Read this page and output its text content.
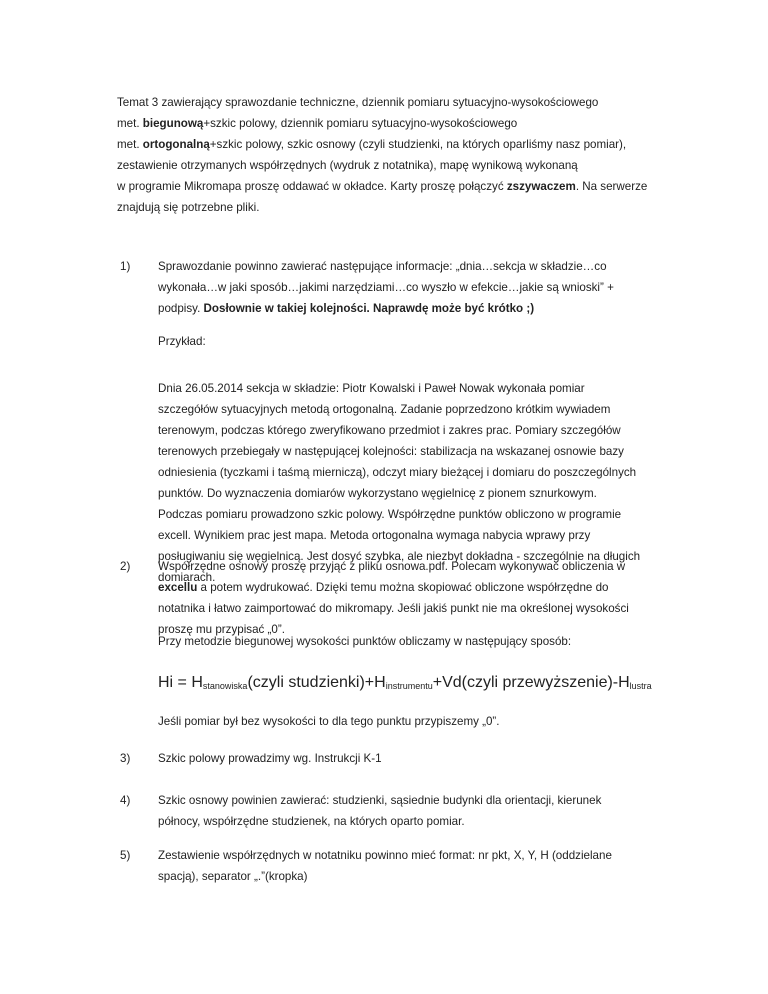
Temat 3 zawierający sprawozdanie techniczne, dziennik pomiaru sytuacyjno-wysokościowego
met. biegunową+szkic polowy, dziennik pomiaru sytuacyjno-wysokościowego
met. ortogonalną+szkic polowy, szkic osnowy (czyli studzienki, na których oparliśmy nasz pomiar),
zestawienie otrzymanych współrzędnych (wydruk z notatnika), mapę wynikową wykonaną
w programie Mikromapa proszę oddawać w okładce. Karty proszę połączyć zszywaczem. Na serwerze
znajdują się potrzebne pliki.
1) Sprawozdanie powinno zawierać następujące informacje: „dnia…sekcja w składzie…co
wykonała…w jaki sposób…jakimi narzędziami…co wyszło w efekcie…jakie są wnioski” +
podpisy. Dosłownie w takiej kolejności. Naprawdę może być krótko ;)
Przykład:
Dnia 26.05.2014 sekcja w składzie: Piotr Kowalski i Paweł Nowak wykonała pomiar
szczegółów sytuacyjnych metodą ortogonalną. Zadanie poprzedzono krótkim wywiadem
terenowym, podczas którego zweryfikowano przedmiot i zakres prac. Pomiary szczegółów
terenowych przebiegały w następującej kolejności: stabilizacja na wskazanej osnowie bazy
odniesienia (tyczkami i taśmą mierniczą), odczyt miary bieżącej i domiaru do poszczególnych
punktów. Do wyznaczenia domiarów wykorzystano węgielnicę z pionem sznurkowym.
Podczas pomiaru prowadzono szkic polowy. Współrzędne punktów obliczono w programie
excell. Wynikiem prac jest mapa. Metoda ortogonalna wymaga nabycia wprawy przy
posługiwaniu się węgielnicą. Jest dosyć szybka, ale niezbyt dokładna - szczególnie na długich
domiarach.
2) Współrzędne osnowy proszę przyjąć z pliku osnowa.pdf. Polecam wykonywać obliczenia w
excellu a potem wydrukować. Dzięki temu można skopiować obliczone współrzędne do
notatnika i łatwo zaimportować do mikromapy. Jeśli jakiś punkt nie ma określonej wysokości
proszę mu przypisać „0”.
Przy metodzie biegunowej wysokości punktów obliczamy w następujący sposób:
$Hi = H_{stanowiska}(czyli$ $studzienki)+H_{instrumentu}+Vd(czyli$ $przewyższenie)-H_{lustra}$
Jeśli pomiar był bez wysokości to dla tego punktu przypiszemy „0”.
3) Szkic polowy prowadzimy wg. Instrukcji K-1
4) Szkic osnowy powinien zawierać: studzienki, sąsiednie budynki dla orientacji, kierunek
północy, współrzędne studzienek, na których oparto pomiar.
5) Zestawienie współrzędnych w notatniku powinno mieć format: nr pkt, X, Y, H (oddzielane
spacją), separator „.”(kropka)
